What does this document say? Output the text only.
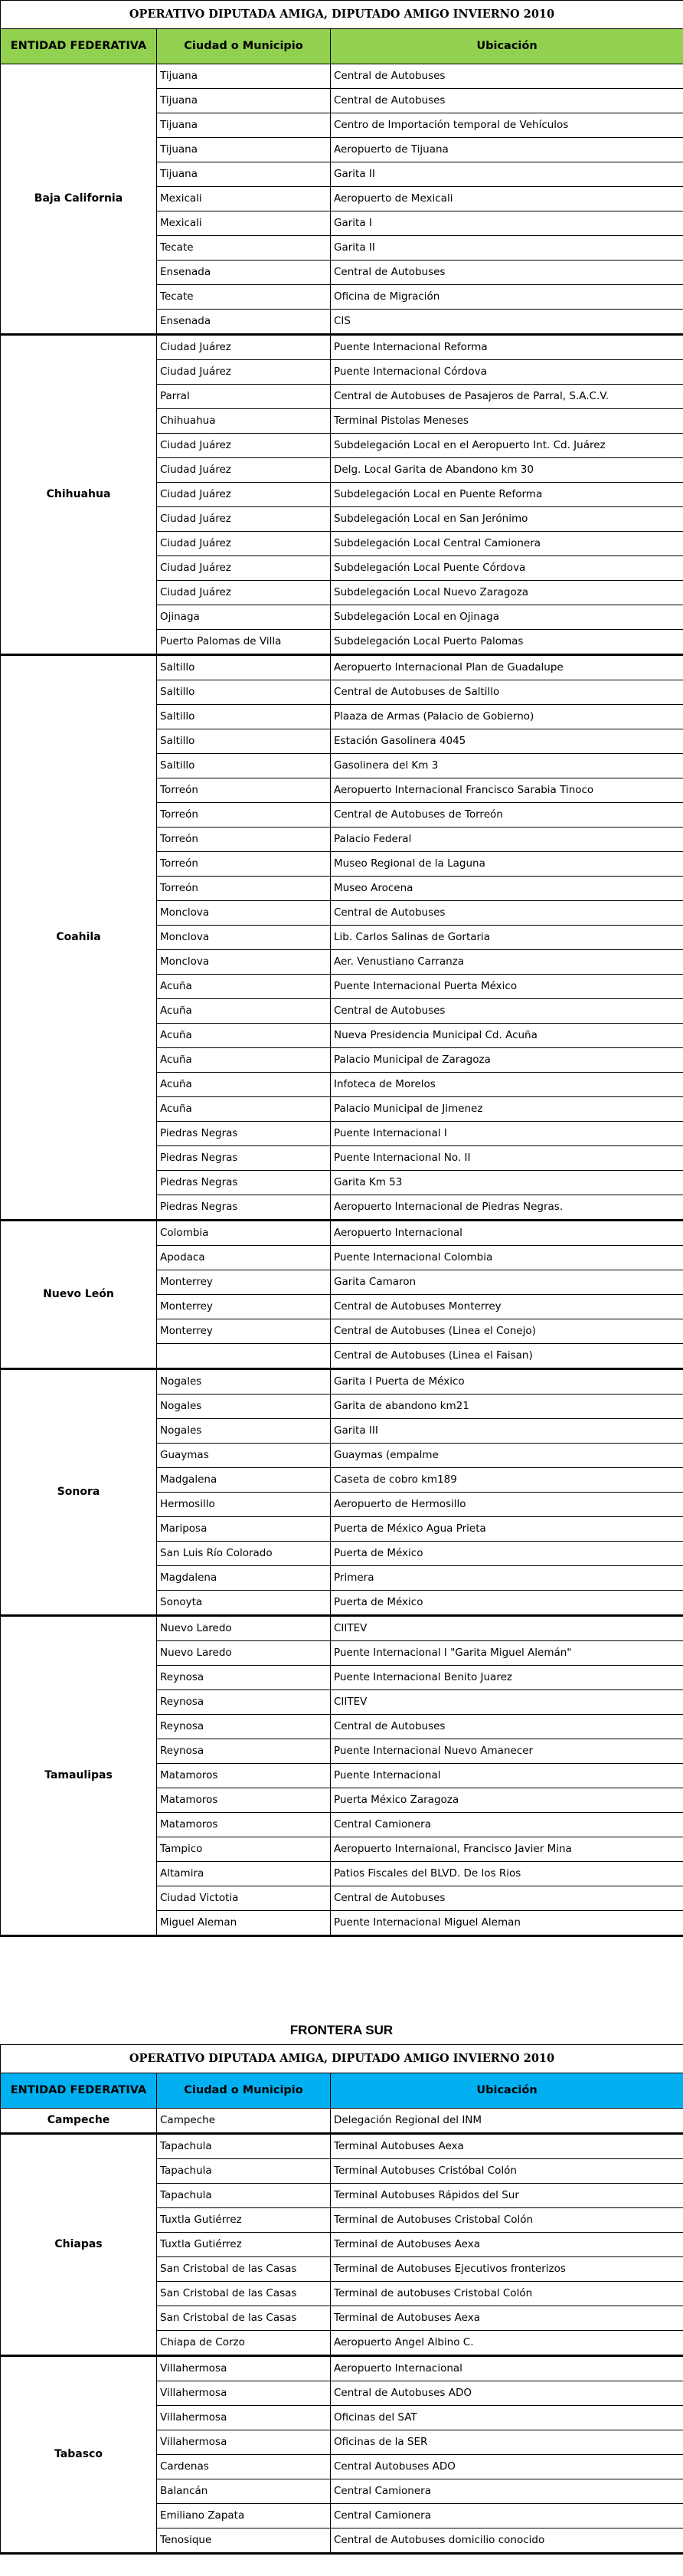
OPERATIVO DIPUTADA AMIGA, DIPUTADO AMIGO INVIERNO 2010		
ENTIDAD FEDERATIVA	Ciudad o Municipio	Ubicación
Baja California	Tijuana	Central de Autobuses
	Tijuana	Central de Autobuses
	Tijuana	Centro de Importación temporal de Vehículos
	Tijuana	Aeropuerto de Tijuana
	Tijuana	Garita II
	Mexicali	Aeropuerto de Mexicali
	Mexicali	Garita I
	Tecate	Garita II
	Ensenada	Central de Autobuses
	Tecate	Oficina de Migración
	Ensenada	CIS
Chihuahua	Ciudad Juárez	Puente Internacional Reforma
	Ciudad Juárez	Puente Internacional Córdova
	Parral	Central de Autobuses de Pasajeros de Parral, S.A.C.V.
	Chihuahua	Terminal Pistolas Meneses
	Ciudad Juárez	Subdelegación Local en el Aeropuerto Int. Cd. Juárez
	Ciudad Juárez	Delg. Local Garita de Abandono km 30
	Ciudad Juárez	Subdelegación Local en Puente Reforma
	Ciudad Juárez	Subdelegación Local en San Jerónimo
	Ciudad Juárez	Subdelegación Local Central Camionera
	Ciudad Juárez	Subdelegación Local Puente Córdova
	Ciudad Juárez	Subdelegación Local Nuevo Zaragoza
	Ojinaga	Subdelegación Local en Ojinaga
	Puerto Palomas de Villa	Subdelegación Local Puerto Palomas
Coahila	Saltillo	Aeropuerto Internacional Plan de Guadalupe
	Saltillo	Central de Autobuses de Saltillo
	Saltillo	Plaaza de Armas (Palacio de Gobierno)
	Saltillo	Estación Gasolinera 4045
	Saltillo	Gasolinera del Km 3
	Torreón	Aeropuerto Internacional Francisco Sarabia Tinoco
	Torreón	Central de Autobuses de Torreón
	Torreón	Palacio Federal
	Torreón	Museo Regional de la Laguna
	Torreón	Museo Arocena
	Monclova	Central de Autobuses
	Monclova	Lib. Carlos Salinas de Gortaria
	Monclova	Aer. Venustiano Carranza
	Acuña	Puente Internacional Puerta México
	Acuña	Central de Autobuses
	Acuña	Nueva Presidencia Municipal Cd. Acuña
	Acuña	Palacio Municipal de Zaragoza
	Acuña	Infoteca de Morelos
	Acuña	Palacio Municipal de Jimenez
	Piedras Negras	Puente Internacional I
	Piedras Negras	Puente Internacional No. II
	Piedras Negras	Garita Km 53
	Piedras Negras	Aeropuerto Internacional de Piedras Negras.
Nuevo León	Colombia	Aeropuerto Internacional
	Apodaca	Puente Internacional Colombia
	Monterrey	Garita Camaron
	Monterrey	Central de Autobuses Monterrey
	Monterrey	Central de Autobuses (Linea el Conejo)
		Central de Autobuses (Linea el Faisan)
Sonora	Nogales	Garita I Puerta de México
	Nogales	Garita de abandono km21
	Nogales	Garita III
	Guaymas	Guaymas (empalme
	Madgalena	Caseta de cobro km189
	Hermosillo	Aeropuerto de Hermosillo
	Mariposa	Puerta de México Agua Prieta
	San Luis Río Colorado	Puerta de México
	Magdalena	Primera
	Sonoyta	Puerta de México
Tamaulipas	Nuevo Laredo	CIITEV
	Nuevo Laredo	Puente Internacional I "Garita Miguel Alemán"
	Reynosa	Puente Internacional Benito Juarez
	Reynosa	CIITEV
	Reynosa	Central de Autobuses
	Reynosa	Puente Internacional Nuevo Amanecer
	Matamoros	Puente Internacional
	Matamoros	Puerta México Zaragoza
	Matamoros	Central Camionera
	Tampico	Aeropuerto Internaional, Francisco Javier Mina
	Altamira	Patios Fiscales del BLVD. De los Rios
	Ciudad Victotia	Central de Autobuses
	Miguel Aleman	Puente Internacional Miguel Aleman
FRONTERA SUR
OPERATIVO DIPUTADA AMIGA, DIPUTADO AMIGO INVIERNO 2010		
ENTIDAD FEDERATIVA	Ciudad o Municipio	Ubicación
Campeche	Campeche	Delegación Regional del INM
Chiapas	Tapachula	Terminal Autobuses Aexa
	Tapachula	Terminal Autobuses Cristóbal Colón
	Tapachula	Terminal Autobuses Rápidos del Sur
	Tuxtla Gutiérrez	Terminal de Autobuses Cristobal Colón
	Tuxtla Gutiérrez	Terminal de Autobuses Aexa
	San Cristobal de las Casas	Terminal de Autobuses Ejecutivos fronterizos
	San Cristobal de las Casas	Terminal de autobuses Cristobal Colón
	San Cristobal de las Casas	Terminal de Autobuses Aexa
	Chiapa de Corzo	Aeropuerto Angel Albino C.
Tabasco	Villahermosa	Aeropuerto Internacional
	Villahermosa	Central de Autobuses ADO
	Villahermosa	Oficinas del SAT
	Villahermosa	Oficinas de la SER
	Cardenas	Central Autobuses ADO
	Balancán	Central Camionera
	Emiliano Zapata	Central Camionera
	Tenosique	Central de Autobuses domicilio conocido
